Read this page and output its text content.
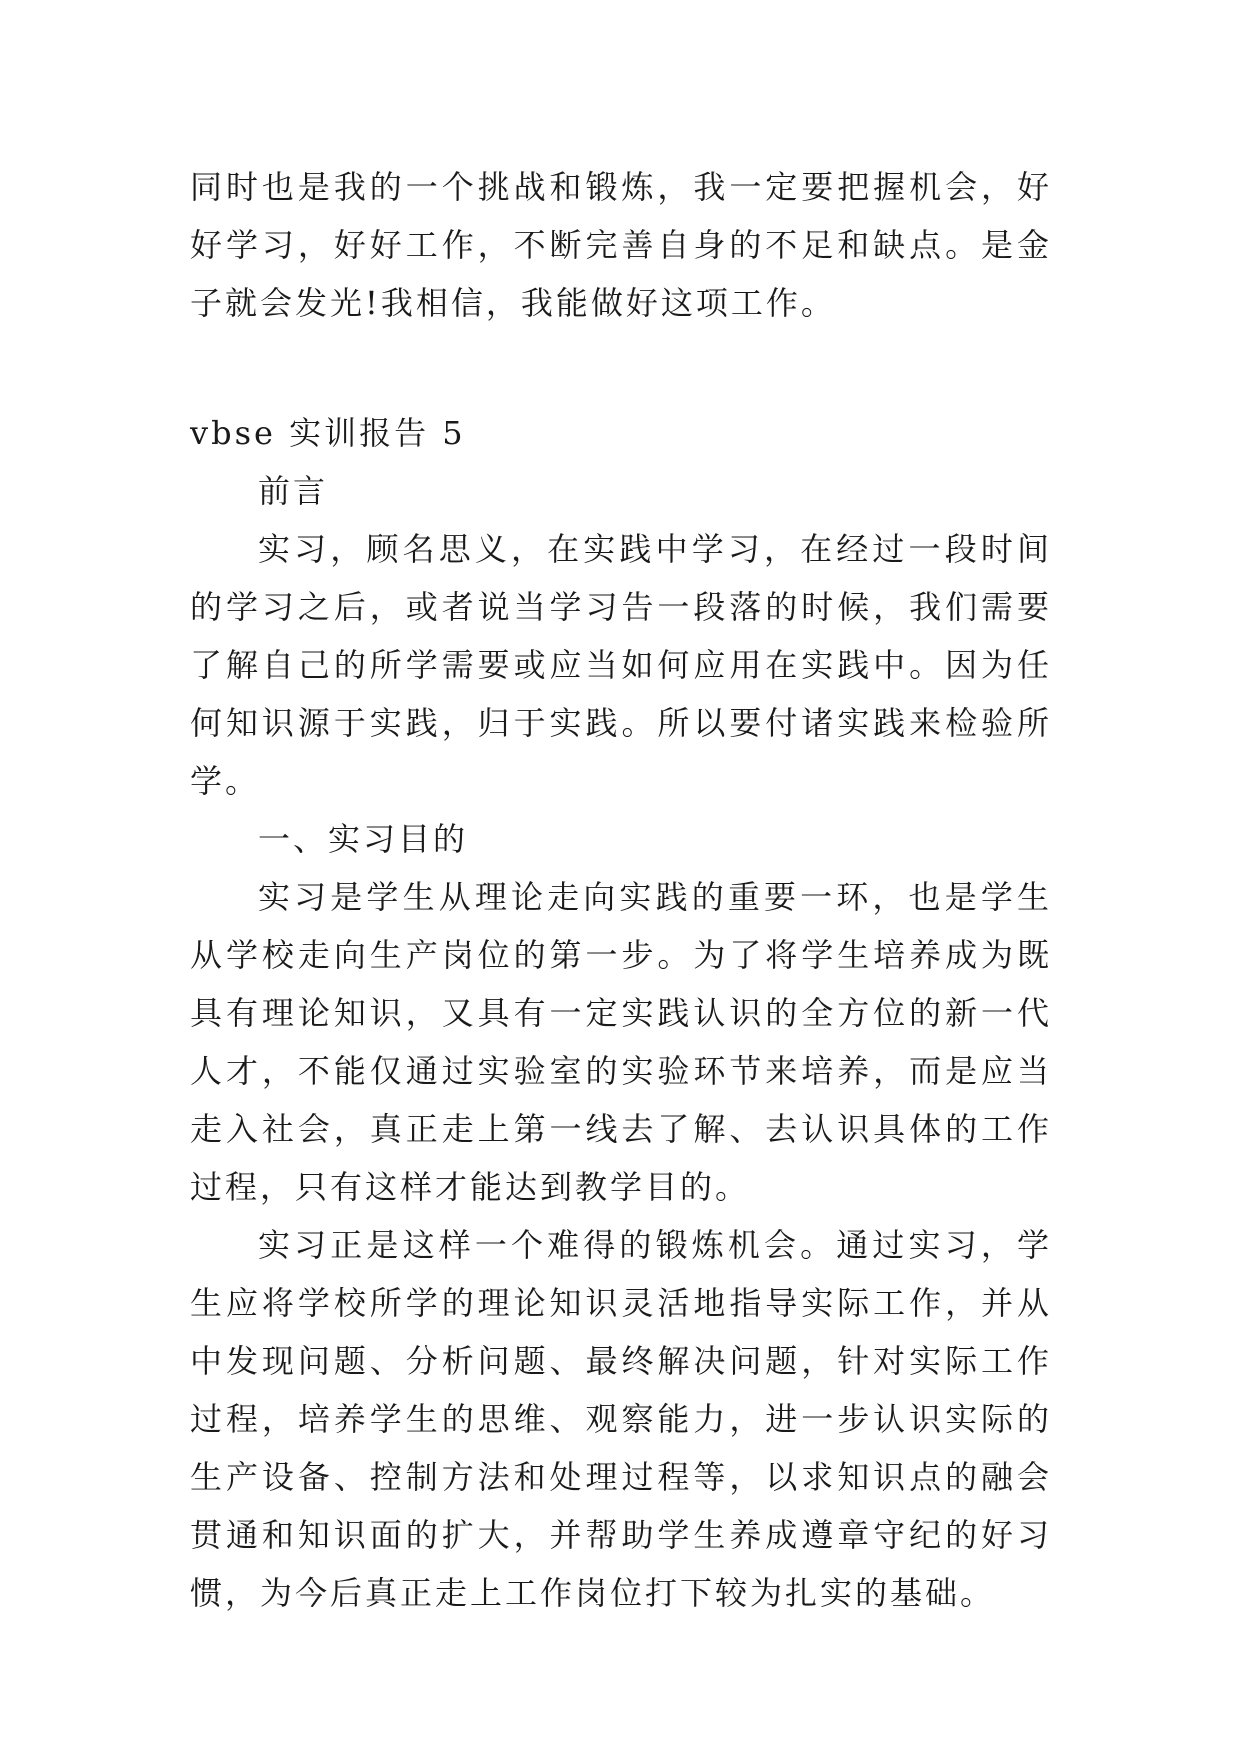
同时也是我的一个挑战和锻炼，我一定要把握机会，好好学习，好好工作，不断完善自身的不足和缺点。是金子就会发光!我相信，我能做好这项工作。

vbse 实训报告 5

前言

实习，顾名思义，在实践中学习，在经过一段时间的学习之后，或者说当学习告一段落的时候，我们需要了解自己的所学需要或应当如何应用在实践中。因为任何知识源于实践，归于实践。所以要付诸实践来检验所学。

一、实习目的

实习是学生从理论走向实践的重要一环，也是学生从学校走向生产岗位的第一步。为了将学生培养成为既具有理论知识，又具有一定实践认识的全方位的新一代人才，不能仅通过实验室的实验环节来培养，而是应当走入社会，真正走上第一线去了解、去认识具体的工作过程，只有这样才能达到教学目的。

实习正是这样一个难得的锻炼机会。通过实习，学生应将学校所学的理论知识灵活地指导实际工作，并从中发现问题、分析问题、最终解决问题，针对实际工作过程，培养学生的思维、观察能力，进一步认识实际的生产设备、控制方法和处理过程等，以求知识点的融会贯通和知识面的扩大，并帮助学生养成遵章守纪的好习惯，为今后真正走上工作岗位打下较为扎实的基础。
